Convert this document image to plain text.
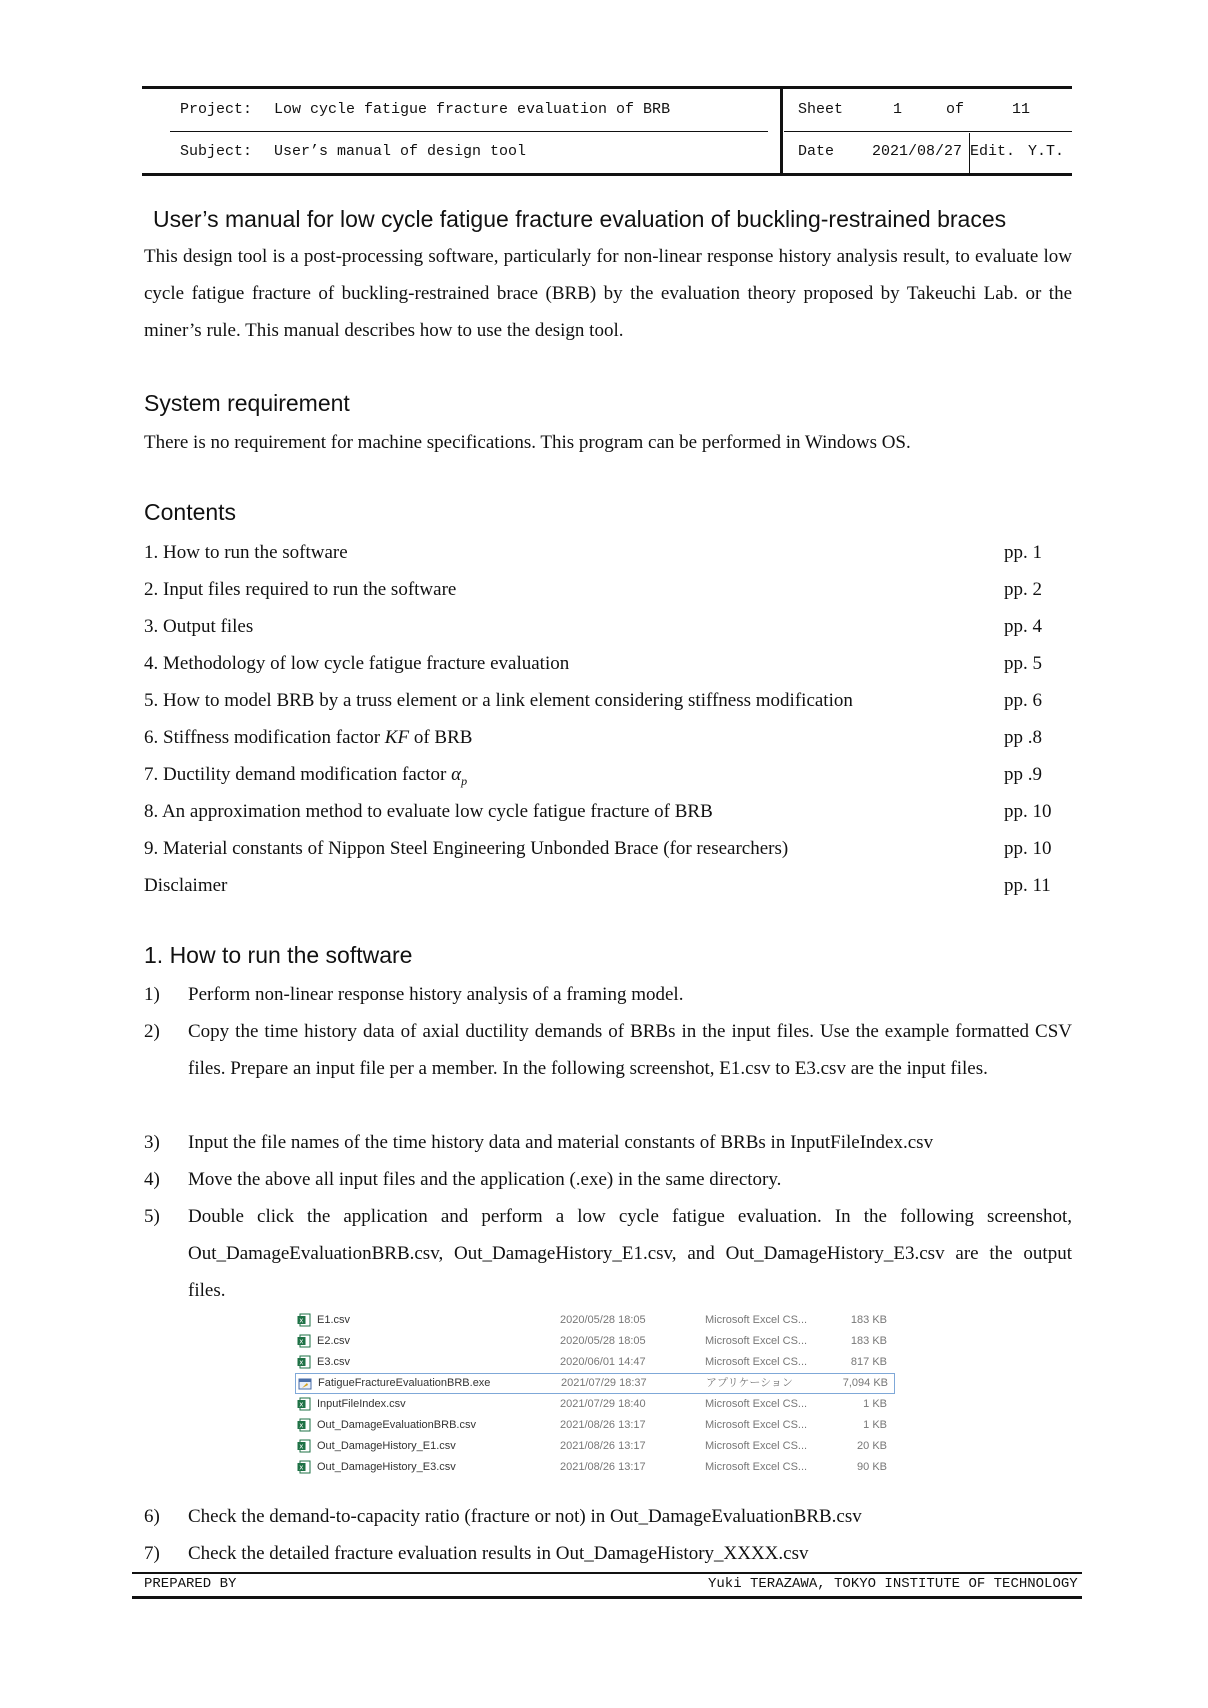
Project: Low cycle fatigue fracture evaluation of BRB
Subject: User’s manual of design tool
Sheet	1	of	11
Date	2021/08/27 Edit. Y.T.
User’s manual for low cycle fatigue fracture evaluation of buckling-restrained braces
This design tool is a post-processing software, particularly for non-linear response history analysis result, to evaluate low cycle fatigue fracture of buckling-restrained brace (BRB) by the evaluation theory proposed by Takeuchi Lab. or the miner’s rule. This manual describes how to use the design tool.
System requirement
There is no requirement for machine specifications. This program can be performed in Windows OS.
Contents
1. How to run the software	pp. 1
2. Input files required to run the software	pp. 2
3. Output files	pp. 4
4. Methodology of low cycle fatigue fracture evaluation	pp. 5
5. How to model BRB by a truss element or a link element considering stiffness modification	pp. 6
6. Stiffness modification factor KF of BRB	pp .8
7. Ductility demand modification factor $\alpha_p$	pp .9
8. An approximation method to evaluate low cycle fatigue fracture of BRB	pp. 10
9. Material constants of Nippon Steel Engineering Unbonded Brace (for researchers)	pp. 10
Disclaimer	pp. 11
1. How to run the software
1) Perform non-linear response history analysis of a framing model.
2) Copy the time history data of axial ductility demands of BRBs in the input files. Use the example formatted CSV files. Prepare an input file per a member. In the following screenshot, E1.csv to E3.csv are the input files.
3) Input the file names of the time history data and material constants of BRBs in InputFileIndex.csv
4) Move the above all input files and the application (.exe) in the same directory.
5) Double click the application and perform a low cycle fatigue evaluation. In the following screenshot, Out_DamageEvaluationBRB.csv, Out_DamageHistory_E1.csv, and Out_DamageHistory_E3.csv are the output files.
x E1.csv	2020/05/28 18:05	Microsoft Excel CS...	183 KB
x E2.csv	2020/05/28 18:05	Microsoft Excel CS...	183 KB
x E3.csv	2020/06/01 14:47	Microsoft Excel CS...	817 KB
FatigueFractureEvaluationBRB.exe	2021/07/29 18:37	アプリケーション	7,094 KB
x InputFileIndex.csv	2021/07/29 18:40	Microsoft Excel CS...	1 KB
x Out_DamageEvaluationBRB.csv	2021/08/26 13:17	Microsoft Excel CS...	1 KB
x Out_DamageHistory_E1.csv	2021/08/26 13:17	Microsoft Excel CS...	20 KB
x Out_DamageHistory_E3.csv	2021/08/26 13:17	Microsoft Excel CS...	90 KB
6) Check the demand-to-capacity ratio (fracture or not) in Out_DamageEvaluationBRB.csv
7) Check the detailed fracture evaluation results in Out_DamageHistory_XXXX.csv
PREPARED BY	Yuki TERAZAWA, TOKYO INSTITUTE OF TECHNOLOGY
